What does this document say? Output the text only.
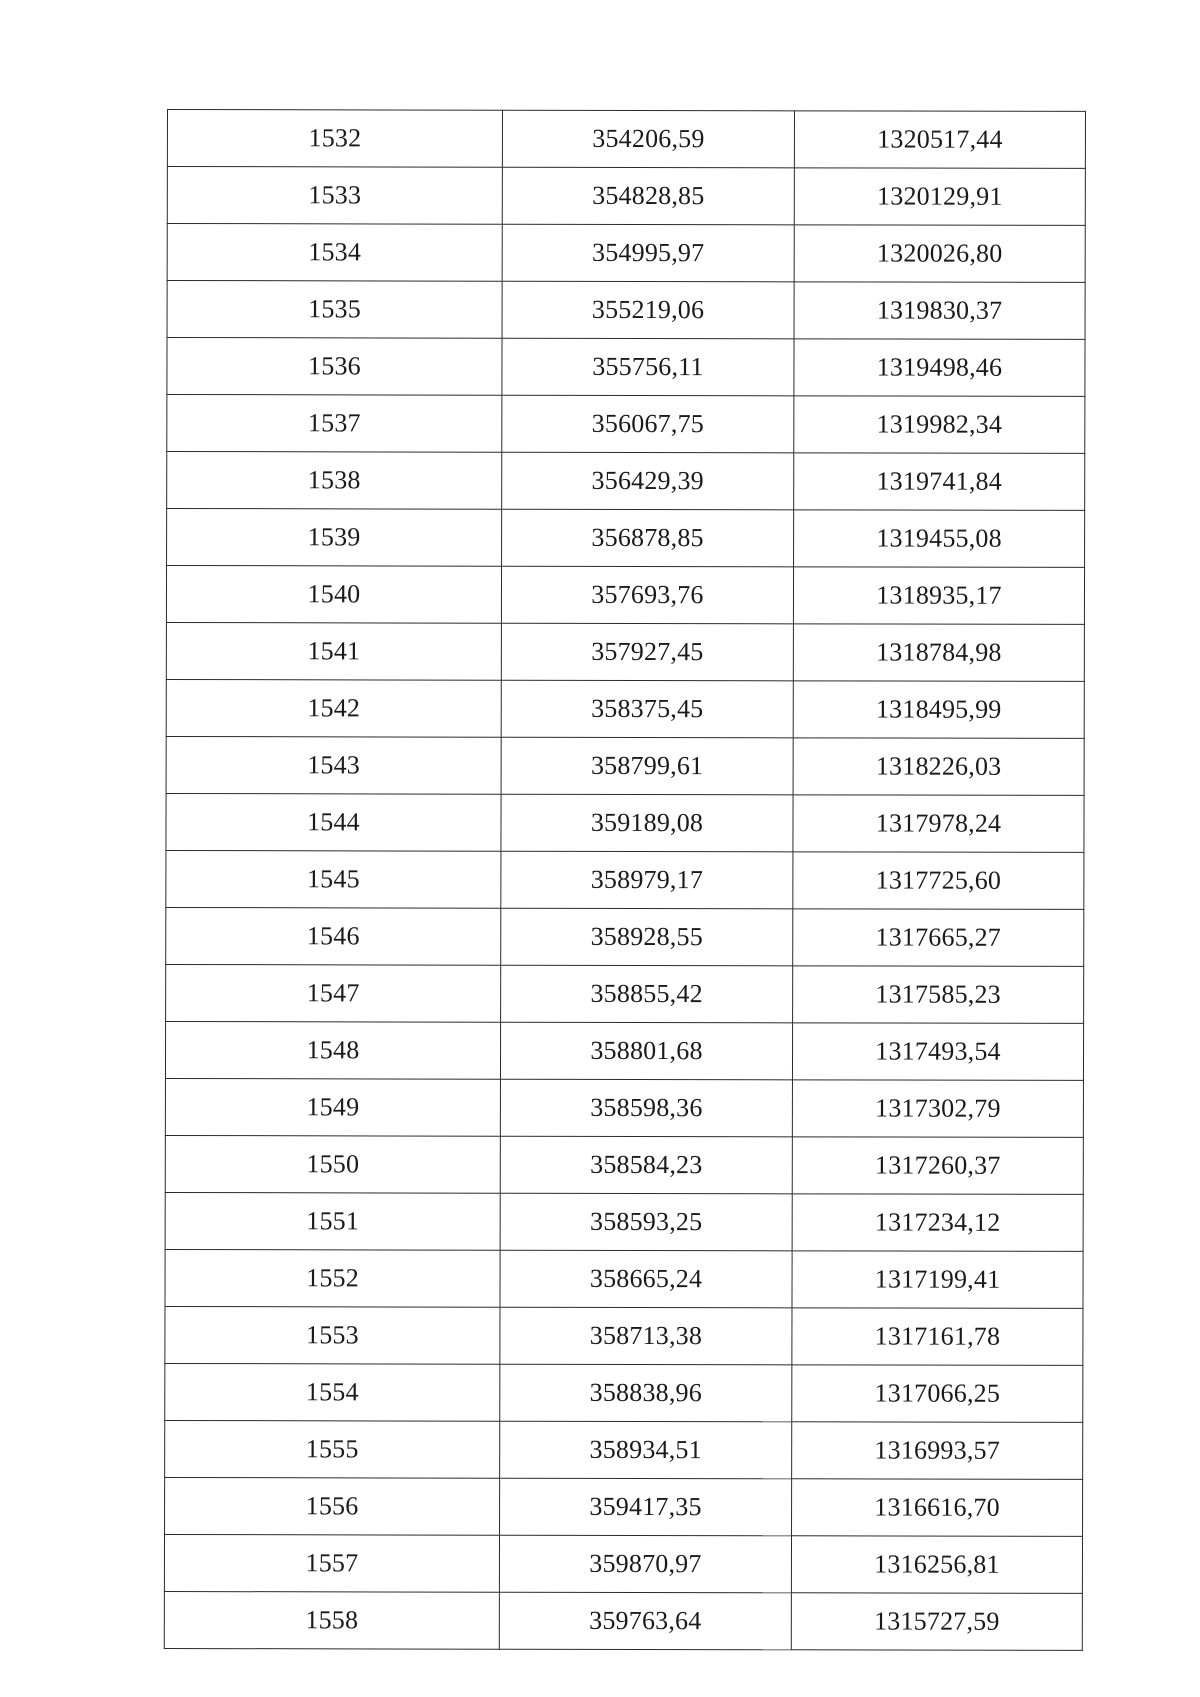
1532	354206,59	1320517,44
1533	354828,85	1320129,91
1534	354995,97	1320026,80
1535	355219,06	1319830,37
1536	355756,11	1319498,46
1537	356067,75	1319982,34
1538	356429,39	1319741,84
1539	356878,85	1319455,08
1540	357693,76	1318935,17
1541	357927,45	1318784,98
1542	358375,45	1318495,99
1543	358799,61	1318226,03
1544	359189,08	1317978,24
1545	358979,17	1317725,60
1546	358928,55	1317665,27
1547	358855,42	1317585,23
1548	358801,68	1317493,54
1549	358598,36	1317302,79
1550	358584,23	1317260,37
1551	358593,25	1317234,12
1552	358665,24	1317199,41
1553	358713,38	1317161,78
1554	358838,96	1317066,25
1555	358934,51	1316993,57
1556	359417,35	1316616,70
1557	359870,97	1316256,81
1558	359763,64	1315727,59
